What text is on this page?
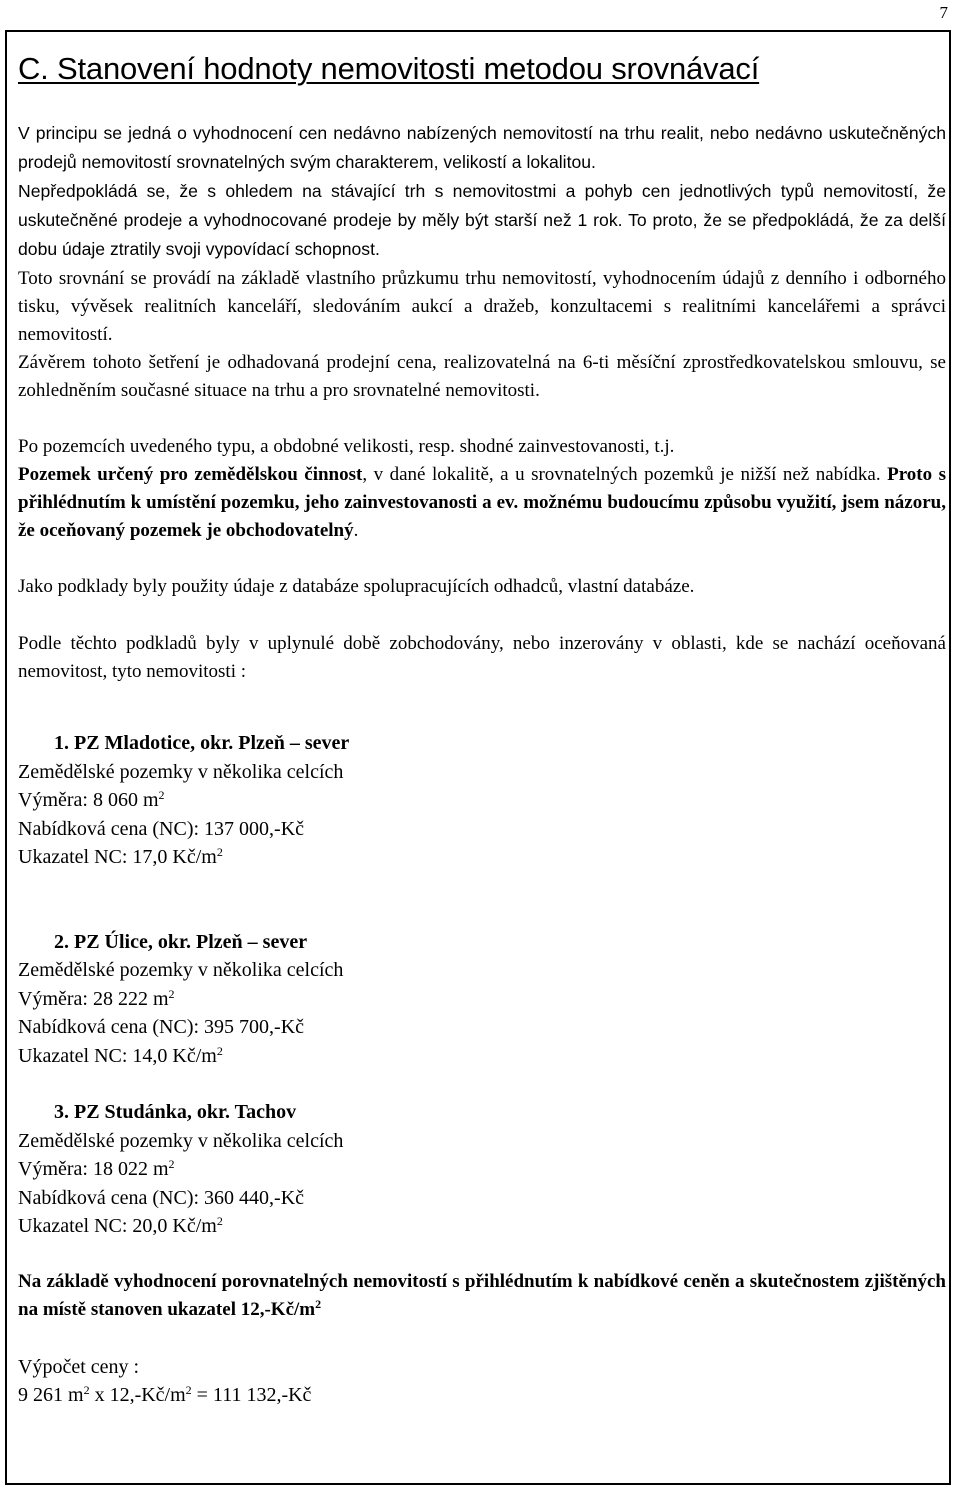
7
C. Stanovení hodnoty nemovitosti metodou srovnávací

V principu se jedná o vyhodnocení cen nedávno nabízených nemovitostí na trhu realit, nebo nedávno uskutečněných prodejů nemovitostí srovnatelných svým charakterem, velikostí a lokalitou.

Nepředpokládá se, že s ohledem na stávající trh s nemovitostmi a pohyb cen jednotlivých typů nemovitostí, že uskutečněné prodeje a vyhodnocované prodeje by měly být starší než 1 rok. To proto, že se předpokládá, že za delší dobu údaje ztratily svoji vypovídací schopnost.

Toto srovnání se provádí na základě vlastního průzkumu trhu nemovitostí, vyhodnocením údajů z denního i odborného tisku, vývěsek realitních kanceláří, sledováním aukcí a dražeb, konzultacemi s realitními kancelářemi a správci nemovitostí.

Závěrem tohoto šetření je odhadovaná prodejní cena, realizovatelná na 6-ti měsíční zprostředkovatelskou smlouvu, se zohledněním současné situace na trhu a pro srovnatelné nemovitosti.

Po pozemcích uvedeného typu, a obdobné velikosti, resp. shodné zainvestovanosti, t.j.

Pozemek určený pro zemědělskou činnost, v dané lokalitě, a u srovnatelných pozemků je nižší než nabídka. Proto s přihlédnutím k umístění pozemku, jeho zainvestovanosti a ev. možnému budoucímu způsobu využití, jsem názoru, že oceňovaný pozemek je obchodovatelný.

Jako podklady byly použity údaje z databáze spolupracujících odhadců, vlastní databáze.

Podle těchto podkladů byly v uplynulé době zobchodovány, nebo inzerovány v oblasti, kde se nachází oceňovaná nemovitost, tyto nemovitosti :

1. PZ Mladotice, okr. Plzeň – sever
Zemědělské pozemky v několika celcích
Výměra: 8 060 $m^2$
Nabídková cena (NC): 137 000,-Kč
Ukazatel NC: 17,0 $Kč/m^2$
2. PZ Úlice, okr. Plzeň – sever
Zemědělské pozemky v několika celcích
Výměra: 28 222 $m^2$
Nabídková cena (NC): 395 700,-Kč
Ukazatel NC: 14,0 $Kč/m^2$
3. PZ Studánka, okr. Tachov
Zemědělské pozemky v několika celcích
Výměra: 18 022 $m^2$
Nabídková cena (NC): 360 440,-Kč
Ukazatel NC: 20,0 $Kč/m^2$

Na základě vyhodnocení porovnatelných nemovitostí s přihlédnutím k nabídkové ceněn a skutečnostem zjištěných na místě stanoven ukazatel $12,-Kč/m^2$

Výpočet ceny :
9 261 $m^2$ x $12,-Kč/m^2 = 111$ 132,-Kč
